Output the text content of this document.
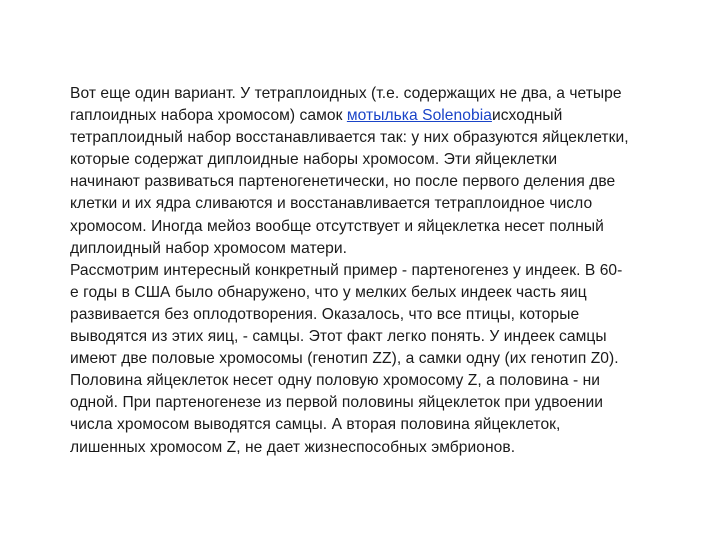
Вот еще один вариант. У тетраплоидных (т.е. содержащих не два, а четыре
гаплоидных набора хромосом) самок мотылька Solenobiaисходный
тетраплоидный набор восстанавливается так: у них образуются яйцеклетки,
которые содержат диплоидные наборы хромосом. Эти яйцеклетки
начинают развиваться партеногенетически, но после первого деления две
клетки и их ядра сливаются и восстанавливается тетраплоидное число
хромосом. Иногда мейоз вообще отсутствует и яйцеклетка несет полный
диплоидный набор хромосом матери.
Рассмотрим интересный конкретный пример - партеногенез у индеек. В 60-
е годы в США было обнаружено, что у мелких белых индеек часть яиц
развивается без оплодотворения. Оказалось, что все птицы, которые
выводятся из этих яиц, - самцы. Этот факт легко понять. У индеек самцы
имеют две половые хромосомы (генотип ZZ), а самки одну (их генотип Z0).
Половина яйцеклеток несет одну половую хромосому Z, а половина - ни
одной. При партеногенезе из первой половины яйцеклеток при удвоении
числа хромосом выводятся самцы. А вторая половина яйцеклеток,
лишенных хромосом Z, не дает жизнеспособных эмбрионов.
